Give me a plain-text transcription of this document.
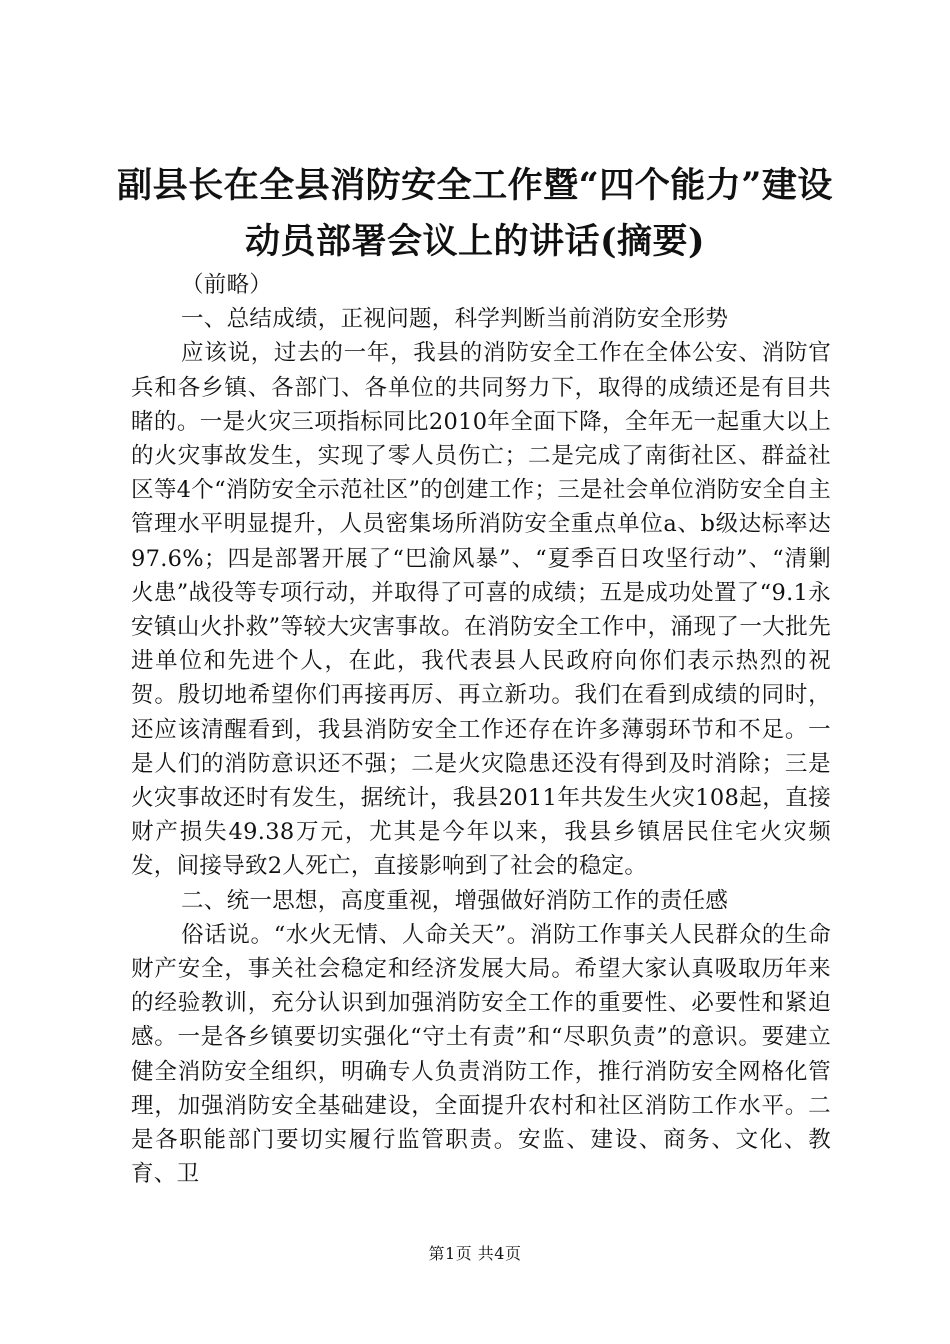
副县长在全县消防安全工作暨“四个能力”建设动员部署会议上的讲话(摘要)

（前略）

一、总结成绩，正视问题，科学判断当前消防安全形势

应该说，过去的一年，我县的消防安全工作在全体公安、消防官兵和各乡镇、各部门、各单位的共同努力下，取得的成绩还是有目共睹的。一是火灾三项指标同比2010年全面下降，全年无一起重大以上的火灾事故发生，实现了零人员伤亡；二是完成了南街社区、群益社区等4个“消防安全示范社区”的创建工作；三是社会单位消防安全自主管理水平明显提升，人员密集场所消防安全重点单位a、b级达标率达97.6%；四是部署开展了“巴渝风暴”、“夏季百日攻坚行动”、“清剿火患”战役等专项行动，并取得了可喜的成绩；五是成功处置了“9.1永安镇山火扑救”等较大灾害事故。在消防安全工作中，涌现了一大批先进单位和先进个人，在此，我代表县人民政府向你们表示热烈的祝贺。殷切地希望你们再接再厉、再立新功。我们在看到成绩的同时，还应该清醒看到，我县消防安全工作还存在许多薄弱环节和不足。一是人们的消防意识还不强；二是火灾隐患还没有得到及时消除；三是火灾事故还时有发生，据统计，我县2011年共发生火灾108起，直接财产损失49.38万元，尤其是今年以来，我县乡镇居民住宅火灾频发，间接导致2人死亡，直接影响到了社会的稳定。

二、统一思想，高度重视，增强做好消防工作的责任感

俗话说。“水火无情、人命关天”。消防工作事关人民群众的生命财产安全，事关社会稳定和经济发展大局。希望大家认真吸取历年来的经验教训，充分认识到加强消防安全工作的重要性、必要性和紧迫感。一是各乡镇要切实强化“守土有责”和“尽职负责”的意识。要建立健全消防安全组织，明确专人负责消防工作，推行消防安全网格化管理，加强消防安全基础建设，全面提升农村和社区消防工作水平。二是各职能部门要切实履行监管职责。安监、建设、商务、文化、教育、卫

第1页 共4页
